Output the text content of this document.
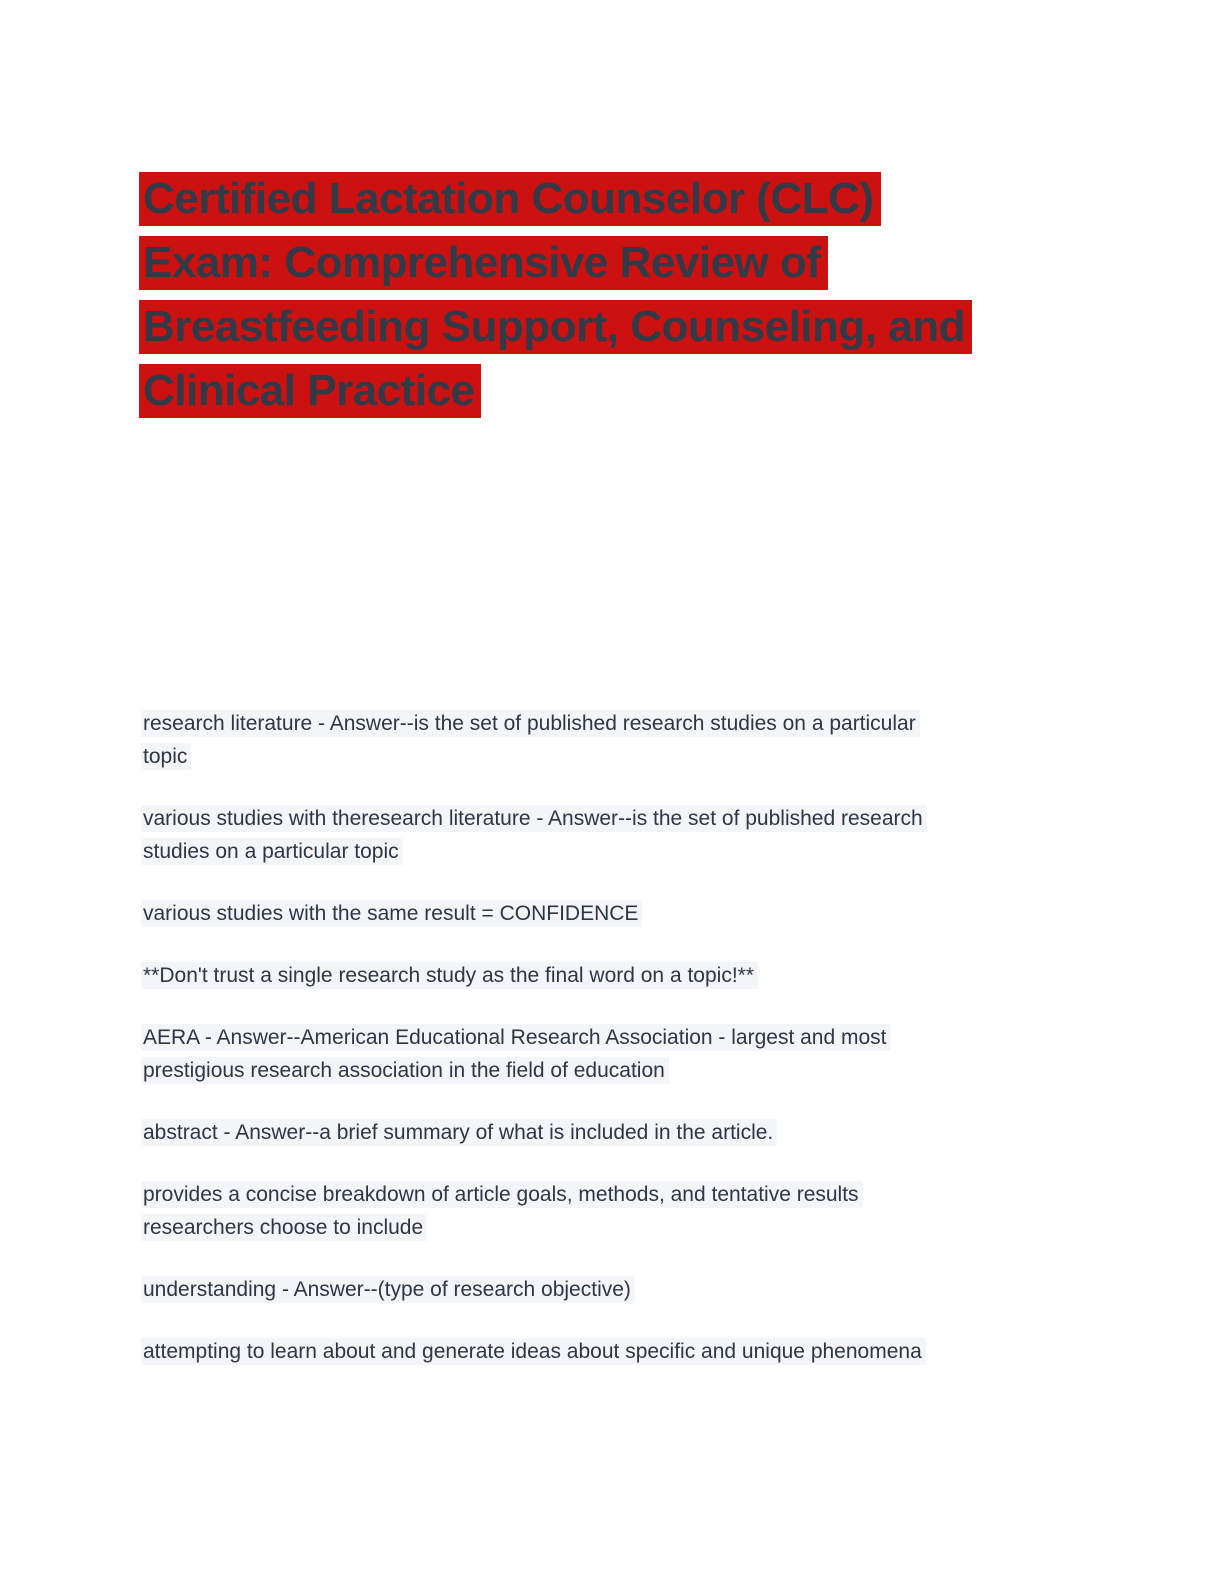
Certified Lactation Counselor (CLC)
Exam: Comprehensive Review of
Breastfeeding Support, Counseling, and
Clinical Practice

research literature - Answer--is the set of published research studies on a particular
topic

various studies with theresearch literature - Answer--is the set of published research
studies on a particular topic

various studies with the same result = CONFIDENCE

**Don't trust a single research study as the final word on a topic!**

AERA - Answer--American Educational Research Association - largest and most
prestigious research association in the field of education

abstract - Answer--a brief summary of what is included in the article.

provides a concise breakdown of article goals, methods, and tentative results
researchers choose to include

understanding - Answer--(type of research objective)

attempting to learn about and generate ideas about specific and unique phenomena
